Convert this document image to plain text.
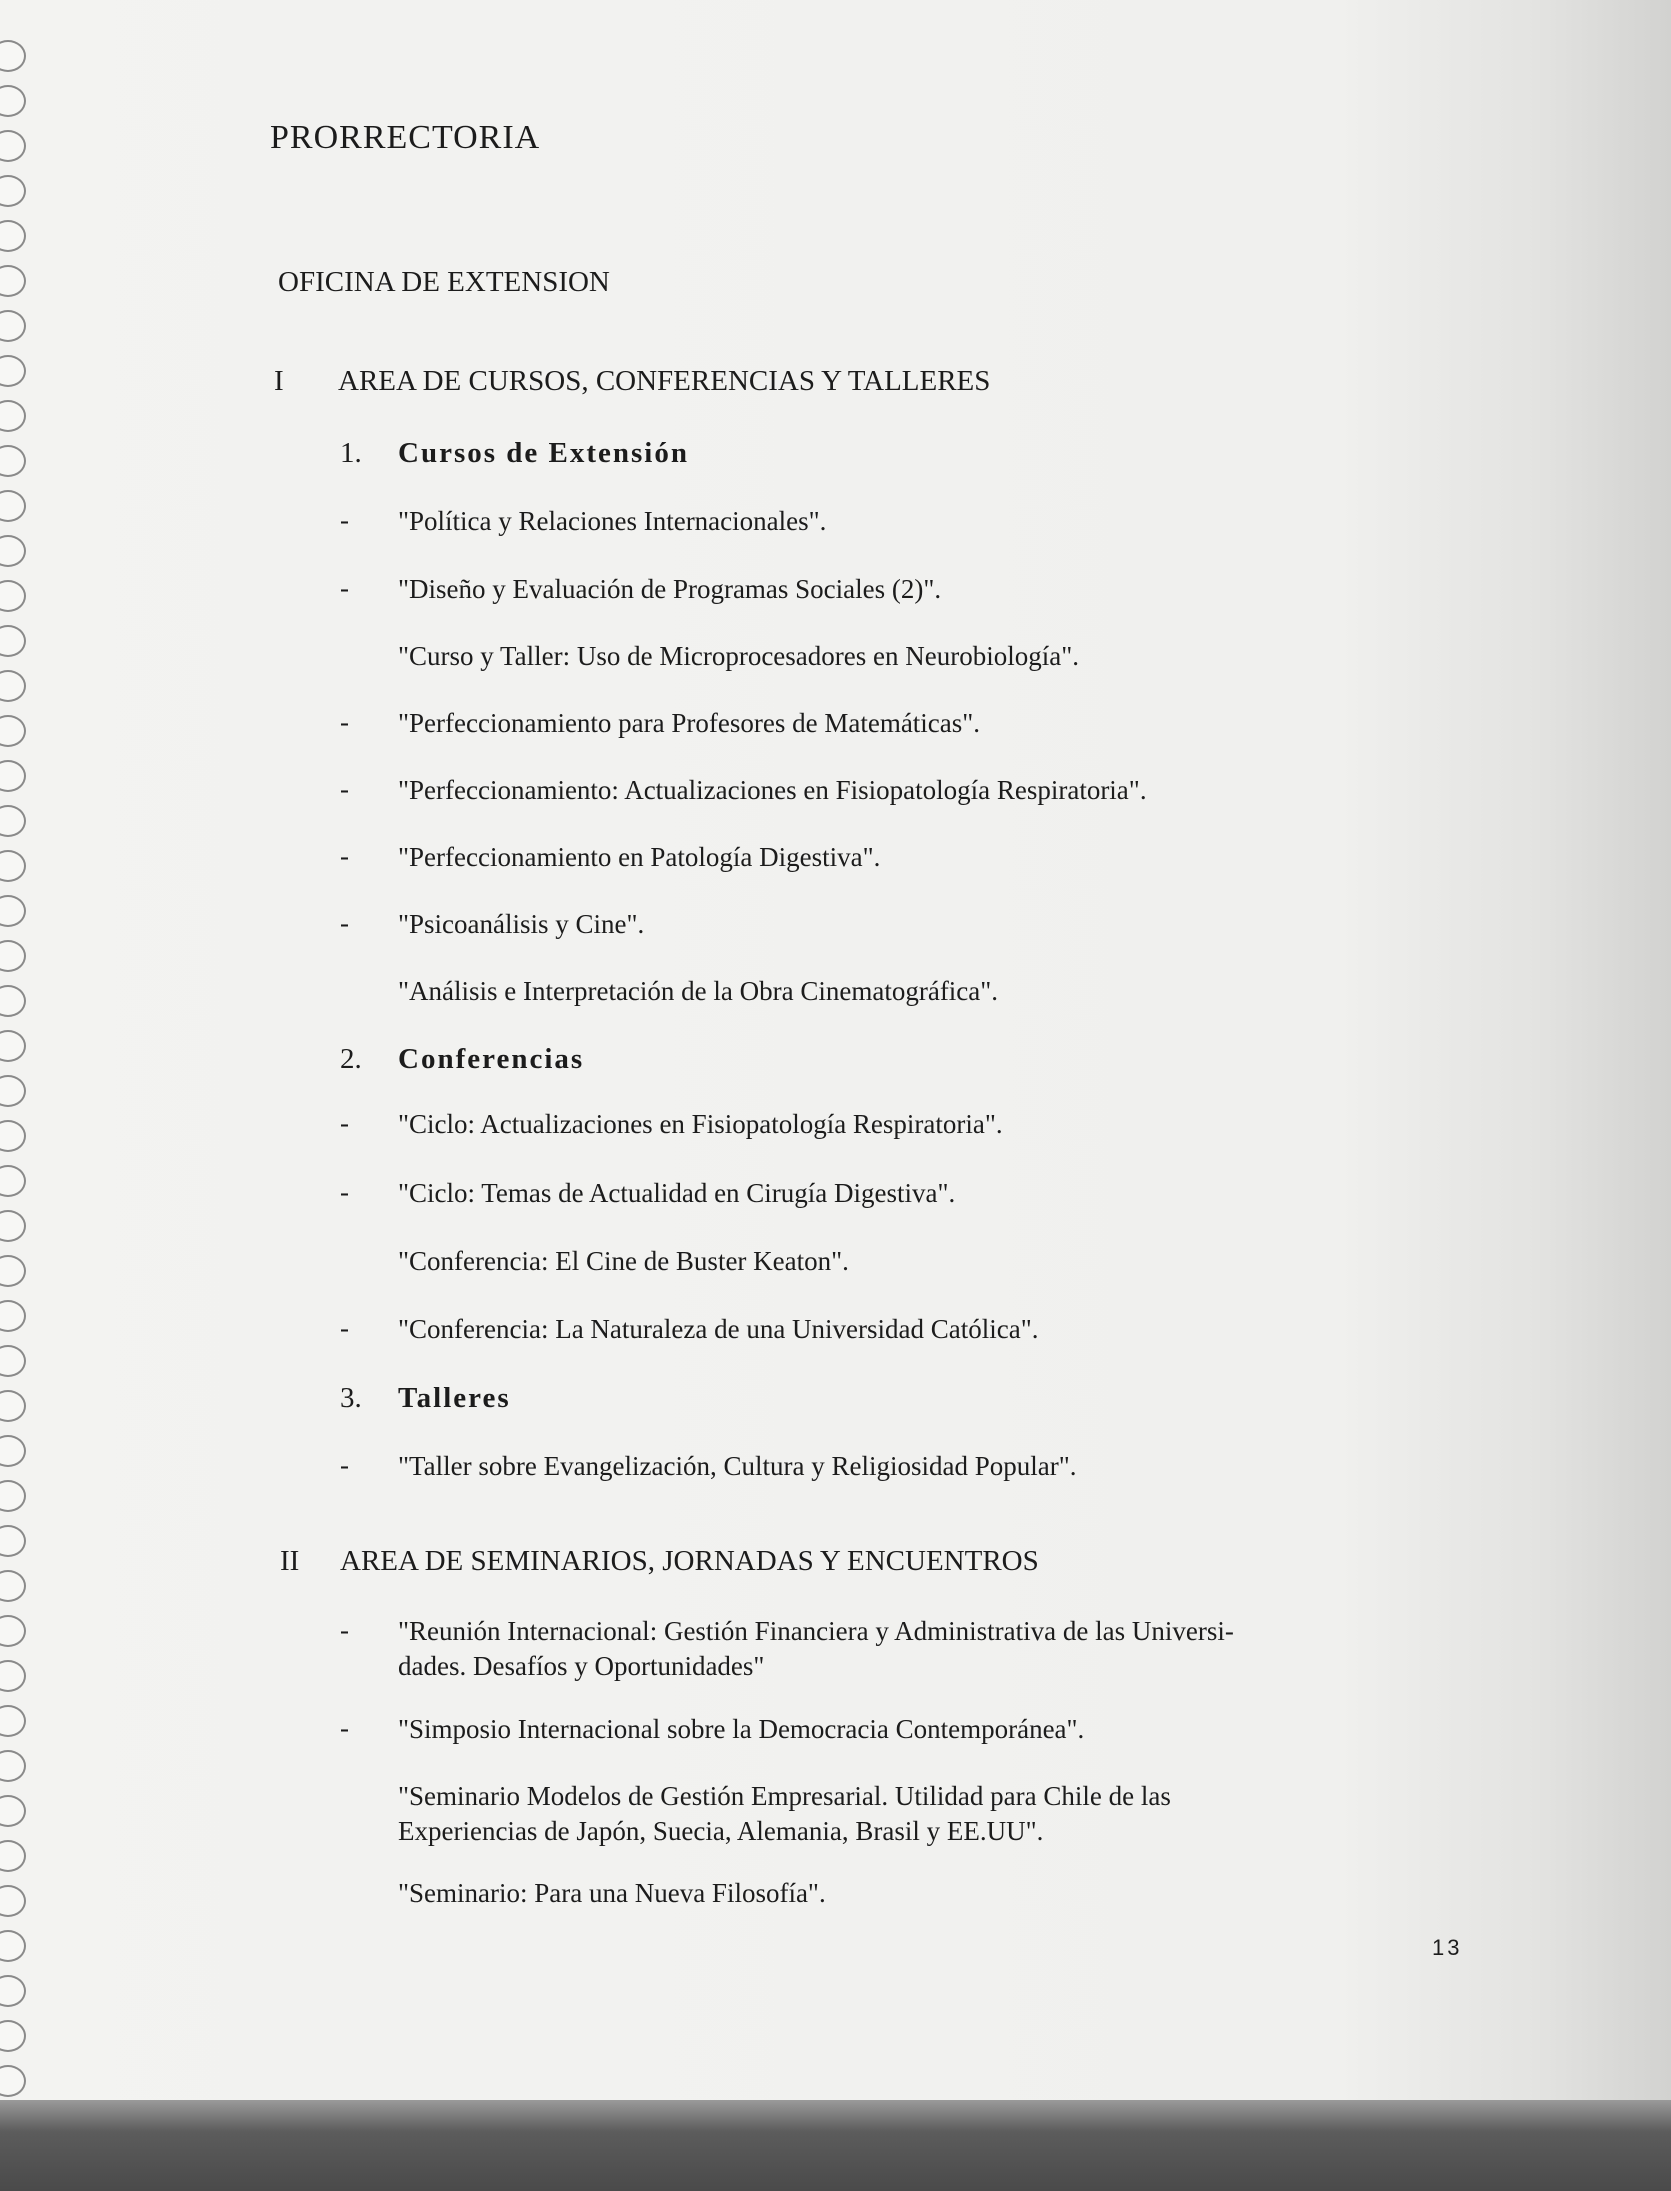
PRORRECTORIA
OFICINA DE EXTENSION
I AREA DE CURSOS, CONFERENCIAS Y TALLERES
1. Cursos de Extensión
- "Política y Relaciones Internacionales".
- "Diseño y Evaluación de Programas Sociales (2)".
"Curso y Taller: Uso de Microprocesadores en Neurobiología".
- "Perfeccionamiento para Profesores de Matemáticas".
- "Perfeccionamiento: Actualizaciones en Fisiopatología Respiratoria".
- "Perfeccionamiento en Patología Digestiva".
- "Psicoanálisis y Cine".
"Análisis e Interpretación de la Obra Cinematográfica".
2. Conferencias
- "Ciclo: Actualizaciones en Fisiopatología Respiratoria".
- "Ciclo: Temas de Actualidad en Cirugía Digestiva".
"Conferencia: El Cine de Buster Keaton".
- "Conferencia: La Naturaleza de una Universidad Católica".
3. Talleres
- "Taller sobre Evangelización, Cultura y Religiosidad Popular".
II AREA DE SEMINARIOS, JORNADAS Y ENCUENTROS
- "Reunión Internacional: Gestión Financiera y Administrativa de las Universi-
dades. Desafíos y Oportunidades"
- "Simposio Internacional sobre la Democracia Contemporánea".
"Seminario Modelos de Gestión Empresarial. Utilidad para Chile de las
Experiencias de Japón, Suecia, Alemania, Brasil y EE.UU".
"Seminario: Para una Nueva Filosofía".
13
